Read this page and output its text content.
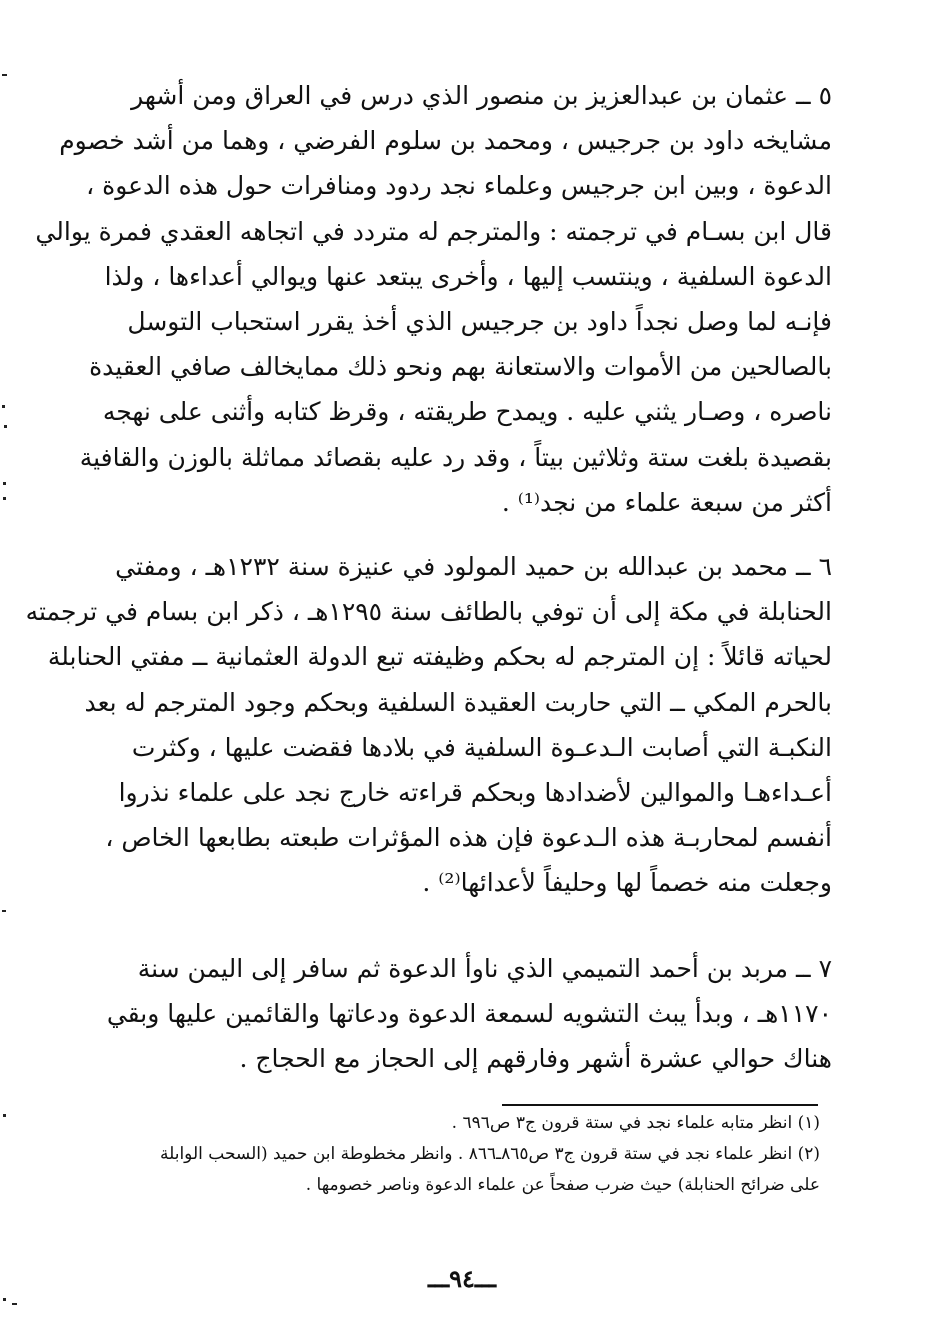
٥ ــ عثمان بن عبدالعزيز بن منصور الذي درس في العراق ومن أشهر
مشايخه داود بن جرجيس ، ومحمد بن سلوم الفرضي ، وهما من أشد خصوم
الدعوة ، وبين ابن جرجيس وعلماء نجد ردود ومنافرات حول هذه الدعوة ،
قال ابن بسـام في ترجمته : والمترجم له متردد في اتجاهه العقدي فمرة يوالي
الدعوة السلفية ، وينتسب إليها ، وأخرى يبتعد عنها ويوالي أعداءها ، ولذا
فإنـه لما وصل نجداً داود بن جرجيس الذي أخذ يقرر استحباب التوسل
بالصالحين من الأموات والاستعانة بهم ونحو ذلك ممايخالف صافي العقيدة
ناصره ، وصـار يثني عليه . ويمدح طريقته ، وقرظ كتابه وأثنى على نهجه
بقصيدة بلغت ستة وثلاثين بيتاً ، وقد رد عليه بقصائد مماثلة بالوزن والقافية
أكثر من سبعة علماء من نجد⁽¹⁾ .
٦ ــ محمد بن عبدالله بن حميد المولود في عنيزة سنة ١٢٣٢هـ ، ومفتي
الحنابلة في مكة إلى أن توفي بالطائف سنة ١٢٩٥هـ ، ذكر ابن بسام في ترجمته
لحياته قائلاً : إن المترجم له بحكم وظيفته تبع الدولة العثمانية ــ مفتي الحنابلة
بالحرم المكي ــ التي حاربت العقيدة السلفية وبحكم وجود المترجم له بعد
النكبـة التي أصابت الـدعـوة السلفية في بلادها فقضت عليها ، وكثرت
أعـداءهـا والموالين لأضدادها وبحكم قراءته خارج نجد على علماء نذروا
أنفسم لمحاربـة هذه الـدعوة فإن هذه المؤثرات طبعته بطابعها الخاص ،
وجعلت منه خصماً لها وحليفاً لأعدائها⁽²⁾ .
٧ ــ مربد بن أحمد التميمي الذي ناوأ الدعوة ثم سافر إلى اليمن سنة
١١٧٠هـ ، وبدأ يبث التشويه لسمعة الدعوة ودعاتها والقائمين عليها وبقي
هناك حوالي عشرة أشهر وفارقهم إلى الحجاز مع الحجاج .
(١) انظر متابه علماء نجد في ستة قرون ج٣ ص٦٩٦ .
(٢) انظر علماء نجد في ستة قرون ج٣ ص٨٦٥ـ٨٦٦ . وانظر مخطوطة ابن حميد (السحب الوابلة
على ضرائح الحنابلة) حيث ضرب صفحاً عن علماء الدعوة وناصر خصومها .
ـــ٩٤ـــ
